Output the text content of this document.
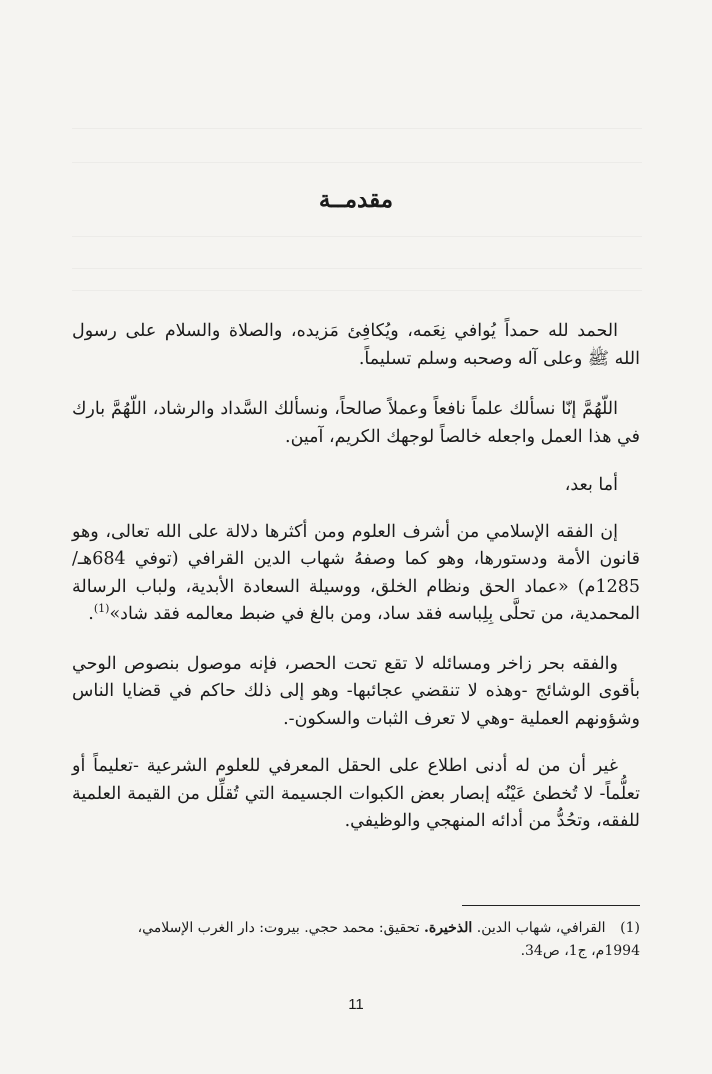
مقدمــة

الحمد لله حمداً يُوافي نِعَمه، ويُكافِئ مَزيده، والصلاة والسلام على رسول الله ﷺ وعلى آله وصحبه وسلم تسليماً.

اللّهُمَّ إنّا نسألك علماً نافعاً وعملاً صالحاً، ونسألك السَّداد والرشاد، اللّهُمَّ بارك في هذا العمل واجعله خالصاً لوجهك الكريم، آمين.

أما بعد،

إن الفقه الإسلامي من أشرف العلوم ومن أكثرها دلالة على الله تعالى، وهو قانون الأمة ودستورها، وهو كما وصفهُ شهاب الدين القرافي (توفي 684هـ/ 1285م) «عماد الحق ونظام الخلق، ووسيلة السعادة الأبدية، ولباب الرسالة المحمدية، من تحلَّى بِلِباسه فقد ساد، ومن بالغ في ضبط معالمه فقد شاد»$^{(1)}$.

والفقه بحر زاخر ومسائله لا تقع تحت الحصر، فإنه موصول بنصوص الوحي بأقوى الوشائج -وهذه لا تنقضي عجائبها- وهو إلى ذلك حاكم في قضايا الناس وشؤونهم العملية -وهي لا تعرف الثبات والسكون-.

غير أن من له أدنى اطلاع على الحقل المعرفي للعلوم الشرعية -تعليماً أو تعلُّماً- لا تُخطئ عَيْنُه إبصار بعض الكبوات الجسيمة التي تُقلِّل من القيمة العلمية للفقه، وتحُدُّ من أدائه المنهجي والوظيفي.

(1) القرافي، شهاب الدين. الذخيرة. تحقيق: محمد حجي. بيروت: دار الغرب الإسلامي،
1994م، ج1، ص34.
11
